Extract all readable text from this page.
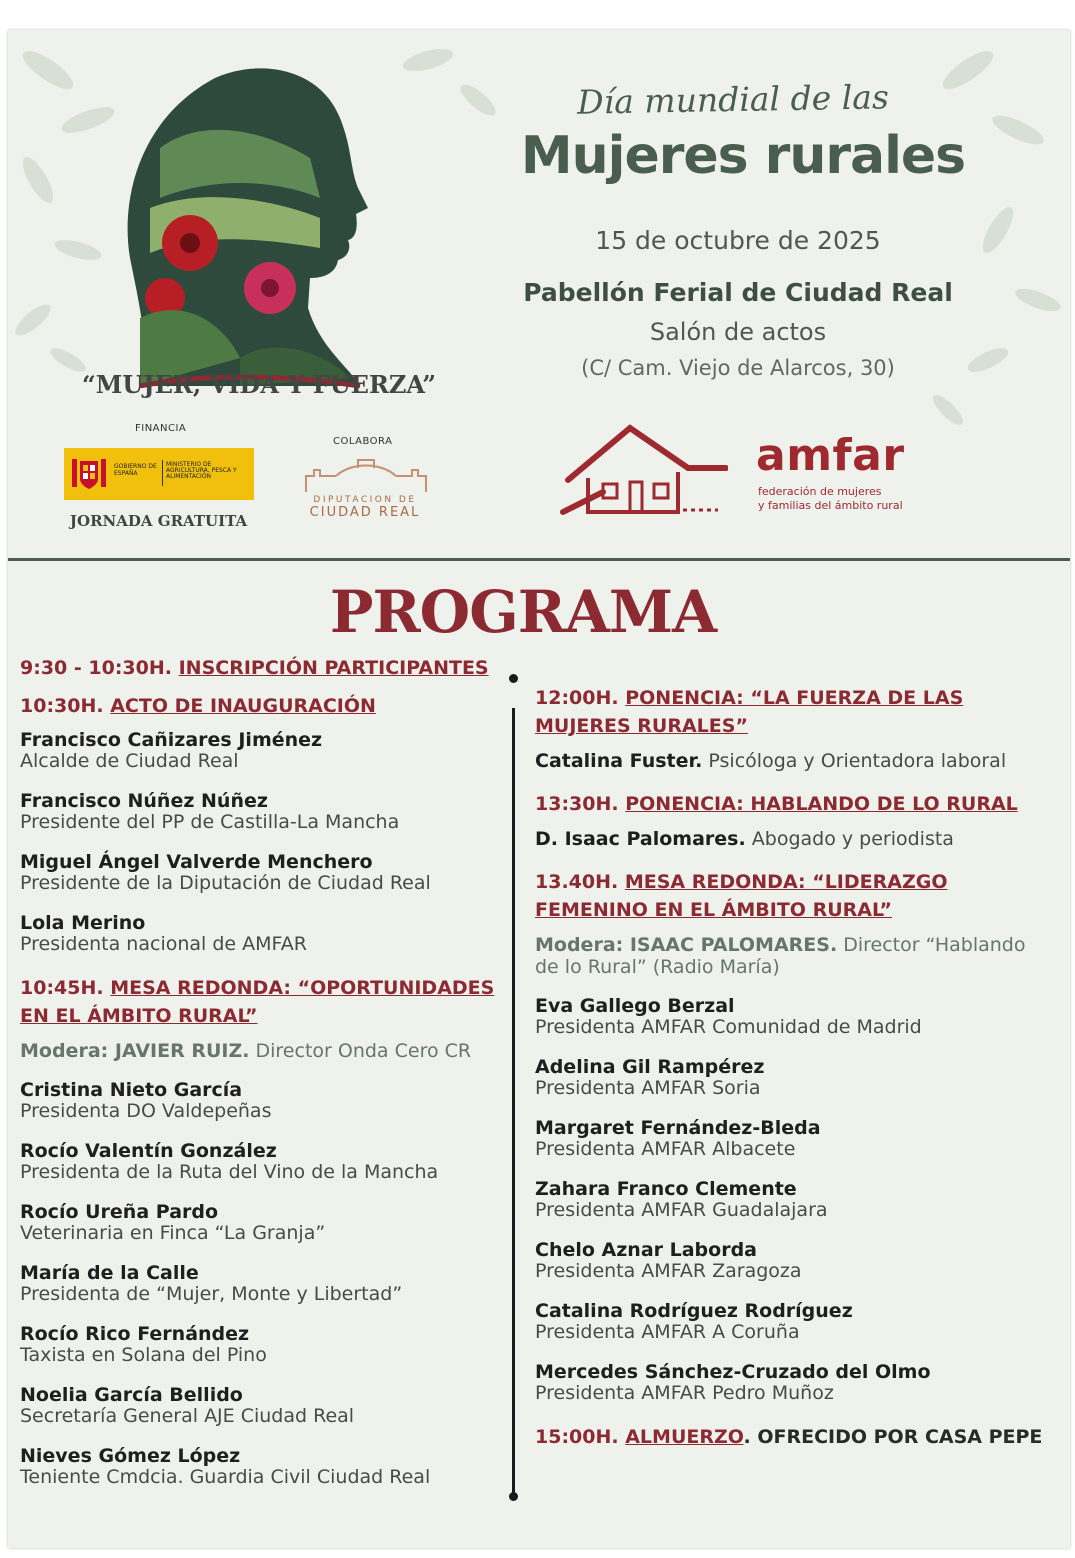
“MUJER, VIDA Y FUERZA”
FINANCIA
GOBIERNO DE ESPAÑA
MINISTERIO DE AGRICULTURA, PESCA Y ALIMENTACIÓN
JORNADA GRATUITA
COLABORA
DIPUTACION DE
CIUDAD REAL
Día mundial de las
Mujeres rurales
15 de octubre de 2025
Pabellón Ferial de Ciudad Real
Salón de actos
(C/ Cam. Viejo de Alarcos, 30)
amfar
federación de mujeres
y familias del ámbito rural
PROGRAMA
9:30 - 10:30H. INSCRIPCIÓN PARTICIPANTES
10:30H. ACTO DE INAUGURACIÓN
Francisco Cañizares Jiménez
Alcalde de Ciudad Real
Francisco Núñez Núñez
Presidente del PP de Castilla-La Mancha
Miguel Ángel Valverde Menchero
Presidente de la Diputación de Ciudad Real
Lola Merino
Presidenta nacional de AMFAR
10:45H. MESA REDONDA: “OPORTUNIDADES EN EL ÁMBITO RURAL”
Modera: JAVIER RUIZ. Director Onda Cero CR
Cristina Nieto García
Presidenta DO Valdepeñas
Rocío Valentín González
Presidenta de la Ruta del Vino de la Mancha
Rocío Ureña Pardo
Veterinaria en Finca “La Granja”
María de la Calle
Presidenta de “Mujer, Monte y Libertad”
Rocío Rico Fernández
Taxista en Solana del Pino
Noelia García Bellido
Secretaría General AJE Ciudad Real
Nieves Gómez López
Teniente Cmdcia. Guardia Civil Ciudad Real
12:00H. PONENCIA: “LA FUERZA DE LAS MUJERES RURALES”
Catalina Fuster. Psicóloga y Orientadora laboral
13:30H. PONENCIA: HABLANDO DE LO RURAL
D. Isaac Palomares. Abogado y periodista
13.40H. MESA REDONDA: “LIDERAZGO FEMENINO EN EL ÁMBITO RURAL”
Modera: ISAAC PALOMARES. Director “Hablando de lo Rural” (Radio María)
Eva Gallego Berzal
Presidenta AMFAR Comunidad de Madrid
Adelina Gil Rampérez
Presidenta AMFAR Soria
Margaret Fernández-Bleda
Presidenta AMFAR Albacete
Zahara Franco Clemente
Presidenta AMFAR Guadalajara
Chelo Aznar Laborda
Presidenta AMFAR Zaragoza
Catalina Rodríguez Rodríguez
Presidenta AMFAR A Coruña
Mercedes Sánchez-Cruzado del Olmo
Presidenta AMFAR Pedro Muñoz
15:00H. ALMUERZO. OFRECIDO POR CASA PEPE
